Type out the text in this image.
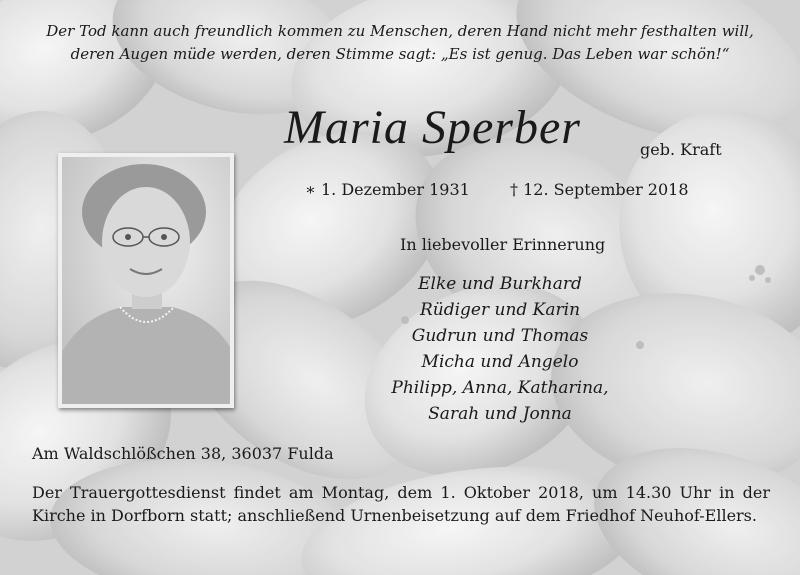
Der Tod kann auch freundlich kommen zu Menschen, deren Hand nicht mehr festhalten will,
deren Augen müde werden, deren Stimme sagt: „Es ist genug. Das Leben war schön!“
Maria Sperber	geb. Kraft
∗ 1. Dezember 1931	† 12. September 2018
In liebevoller Erinnerung
Elke und Burkhard
Rüdiger und Karin
Gudrun und Thomas
Micha und Angelo
Philipp, Anna, Katharina,
Sarah und Jonna
Am Waldschlößchen 38, 36037 Fulda
Der Trauergottesdienst findet am Montag, dem 1. Oktober 2018, um 14.30 Uhr in der Kirche in Dorfborn statt; anschließend Urnenbeisetzung auf dem Friedhof Neuhof-Ellers.
